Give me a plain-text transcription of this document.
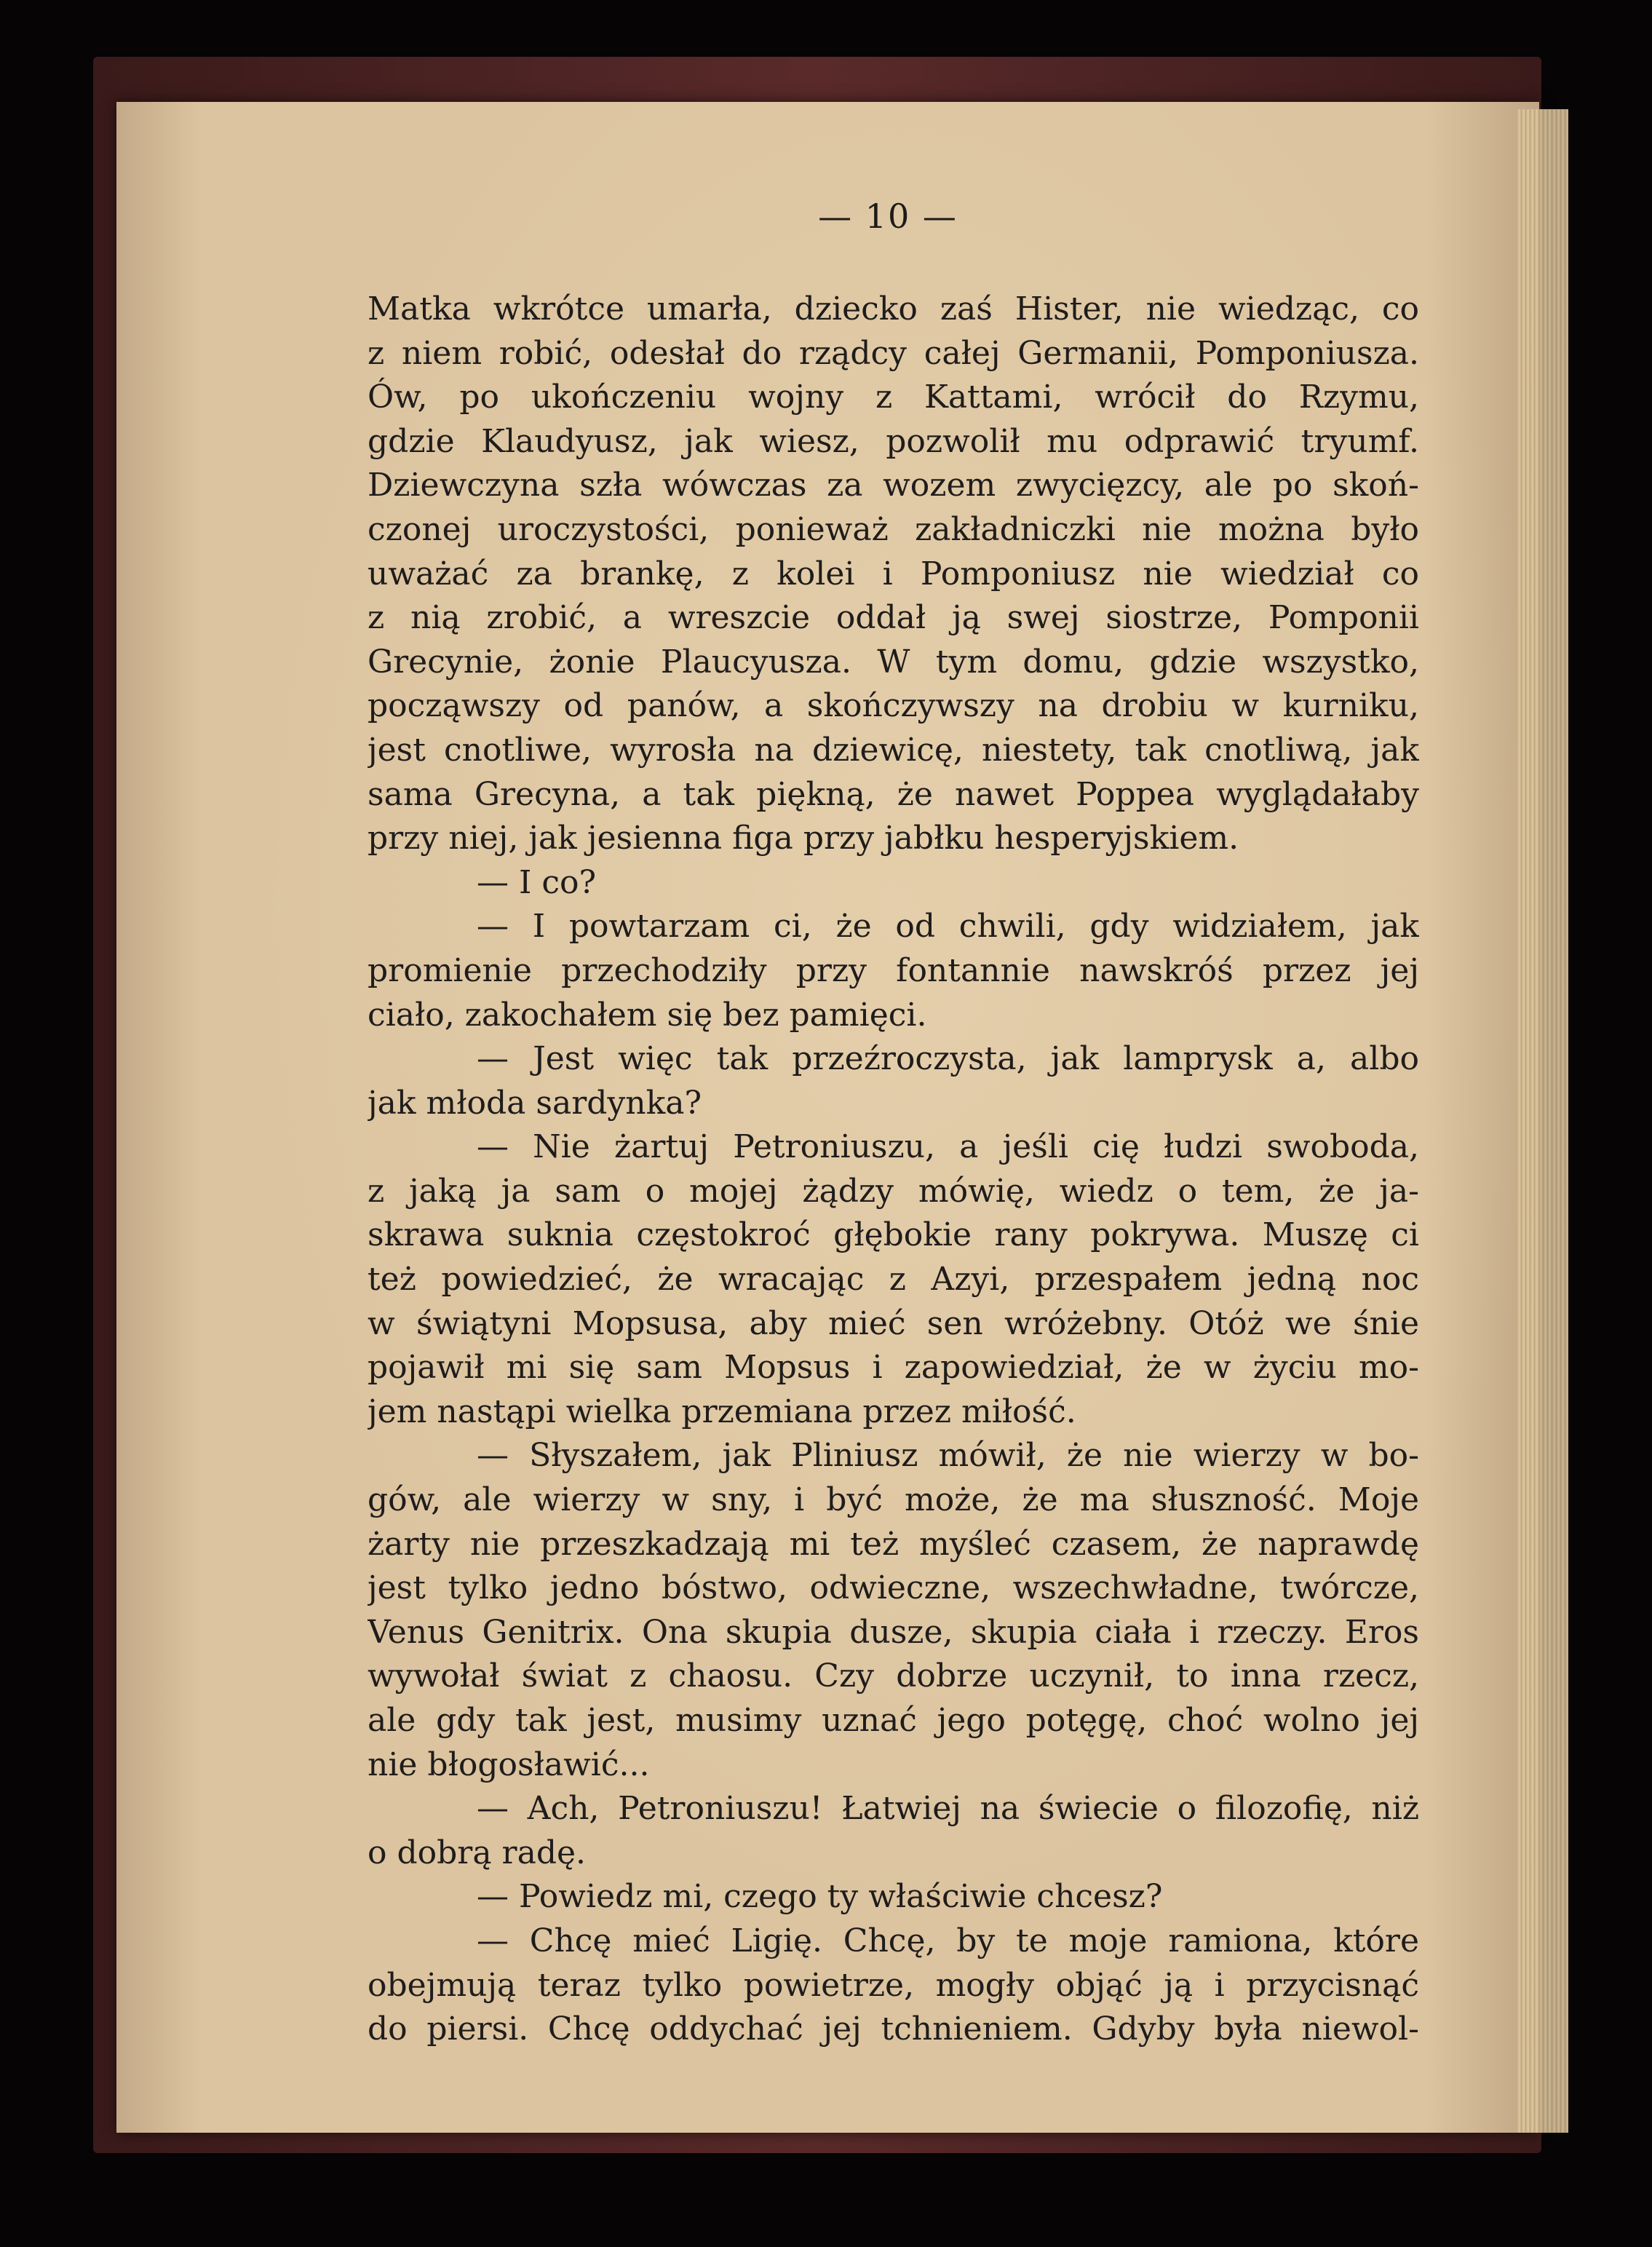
— 10 —
Matka wkrótce umarła, dziecko zaś Hister, nie wiedząc, co
z niem robić, odesłał do rządcy całej Germanii, Pomponiusza.
Ów, po ukończeniu wojny z Kattami, wrócił do Rzymu,
gdzie Klaudyusz, jak wiesz, pozwolił mu odprawić tryumf.
Dziewczyna szła wówczas za wozem zwycięzcy, ale po skoń-
czonej uroczystości, ponieważ zakładniczki nie można było
uważać za brankę, z kolei i Pomponiusz nie wiedział co
z nią zrobić, a wreszcie oddał ją swej siostrze, Pomponii
Grecynie, żonie Plaucyusza. W tym domu, gdzie wszystko,
począwszy od panów, a skończywszy na drobiu w kurniku,
jest cnotliwe, wyrosła na dziewicę, niestety, tak cnotliwą, jak
sama Grecyna, a tak piękną, że nawet Poppea wyglądałaby
przy niej, jak jesienna figa przy jabłku hesperyjskiem.
— I co?
— I powtarzam ci, że od chwili, gdy widziałem, jak
promienie przechodziły przy fontannie nawskróś przez jej
ciało, zakochałem się bez pamięci.
— Jest więc tak przeźroczysta, jak lamprysk a, albo
jak młoda sardynka?
— Nie żartuj Petroniuszu, a jeśli cię łudzi swoboda,
z jaką ja sam o mojej żądzy mówię, wiedz o tem, że ja-
skrawa suknia częstokroć głębokie rany pokrywa. Muszę ci
też powiedzieć, że wracając z Azyi, przespałem jedną noc
w świątyni Mopsusa, aby mieć sen wróżebny. Otóż we śnie
pojawił mi się sam Mopsus i zapowiedział, że w życiu mo-
jem nastąpi wielka przemiana przez miłość.
— Słyszałem, jak Pliniusz mówił, że nie wierzy w bo-
gów, ale wierzy w sny, i być może, że ma słuszność. Moje
żarty nie przeszkadzają mi też myśleć czasem, że naprawdę
jest tylko jedno bóstwo, odwieczne, wszechwładne, twórcze,
Venus Genitrix. Ona skupia dusze, skupia ciała i rzeczy. Eros
wywołał świat z chaosu. Czy dobrze uczynił, to inna rzecz,
ale gdy tak jest, musimy uznać jego potęgę, choć wolno jej
nie błogosławić...
— Ach, Petroniuszu! Łatwiej na świecie o filozofię, niż
o dobrą radę.
— Powiedz mi, czego ty właściwie chcesz?
— Chcę mieć Ligię. Chcę, by te moje ramiona, które
obejmują teraz tylko powietrze, mogły objąć ją i przycisnąć
do piersi. Chcę oddychać jej tchnieniem. Gdyby była niewol-
